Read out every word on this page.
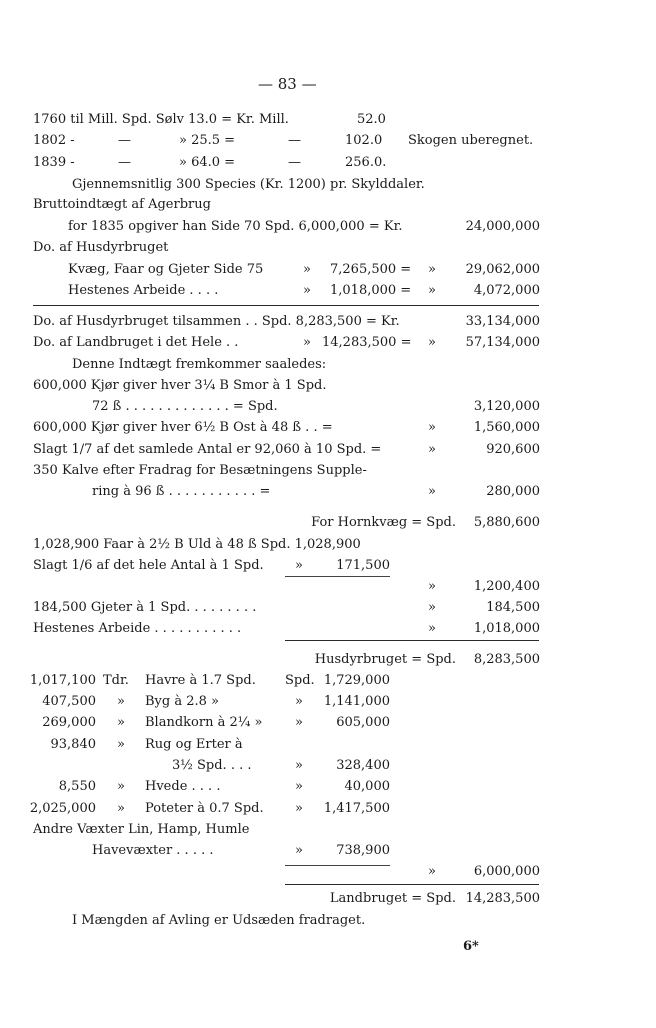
— 83 —
1760 til Mill. Spd. Sølv 13.0 = Kr. Mill.	52.0
1802 -	—	» 25.5 =	—	102.0 Skogen uberegnet.
1839 -	—	» 64.0 =	—	256.0.
Gjennemsnitlig 300 Species (Kr. 1200) pr. Skylddaler.
Bruttoindtægt af Agerbrug
for 1835 opgiver han Side 70 Spd. 6,000,000 = Kr.	24,000,000
Do. af Husdyrbruget
Kvæg, Faar og Gjeter Side 75	» 7,265,500 = » 29,062,000
Hestenes Arbeide . . . .	» 1,018,000 = »	4,072,000
Do. af Husdyrbruget tilsammen . . Spd. 8,283,500 = Kr.	33,134,000
Do. af Landbruget i det Hele . .	» 14,283,500 = » 57,134,000
Denne Indtægt fremkommer saaledes:
600,000 Kjør giver hver 3¼ B Smor à 1 Spd.
72 ß . . . . . . . . . . . . . = Spd.	3,120,000
600,000 Kjør giver hver 6½ B Ost à 48 ß . . =	»	1,560,000
Slagt 1/7 af det samlede Antal er 92,060 à 10 Spd. =	»	920,600
350 Kalve efter Fradrag for Besætningens Supple-
ring à 96 ß . . . . . . . . . . . =	»	280,000
For Hornkvæg = Spd. 5,880,600
1,028,900 Faar à 2½ B Uld à 48 ß Spd. 1,028,900
Slagt 1/6 af det hele Antal à 1 Spd. »	171,500
»	1,200,400
184,500 Gjeter à 1 Spd. . . . . . . . .	»	184,500
Hestenes Arbeide . . . . . . . . . . .	»	1,018,000
Husdyrbruget = Spd. 8,283,500
1,017,100 Tdr. Havre à 1.7 Spd. Spd. 1,729,000
407,500 » Byg à 2.8 »	» 1,141,000
269,000 » Blandkorn à 2¼ »	»	605,000
93,840 » Rug og Erter à
3½ Spd. . . .	»	328,400
8,550 » Hvede . . . .	»	40,000
2,025,000 » Poteter à 0.7 Spd. » 1,417,500
Andre Væxter Lin, Hamp, Humle
Havevæxter . . . . .	»	738,900
»	6,000,000
Landbruget = Spd. 14,283,500
I Mængden af Avling er Udsæden fradraget.
6*
